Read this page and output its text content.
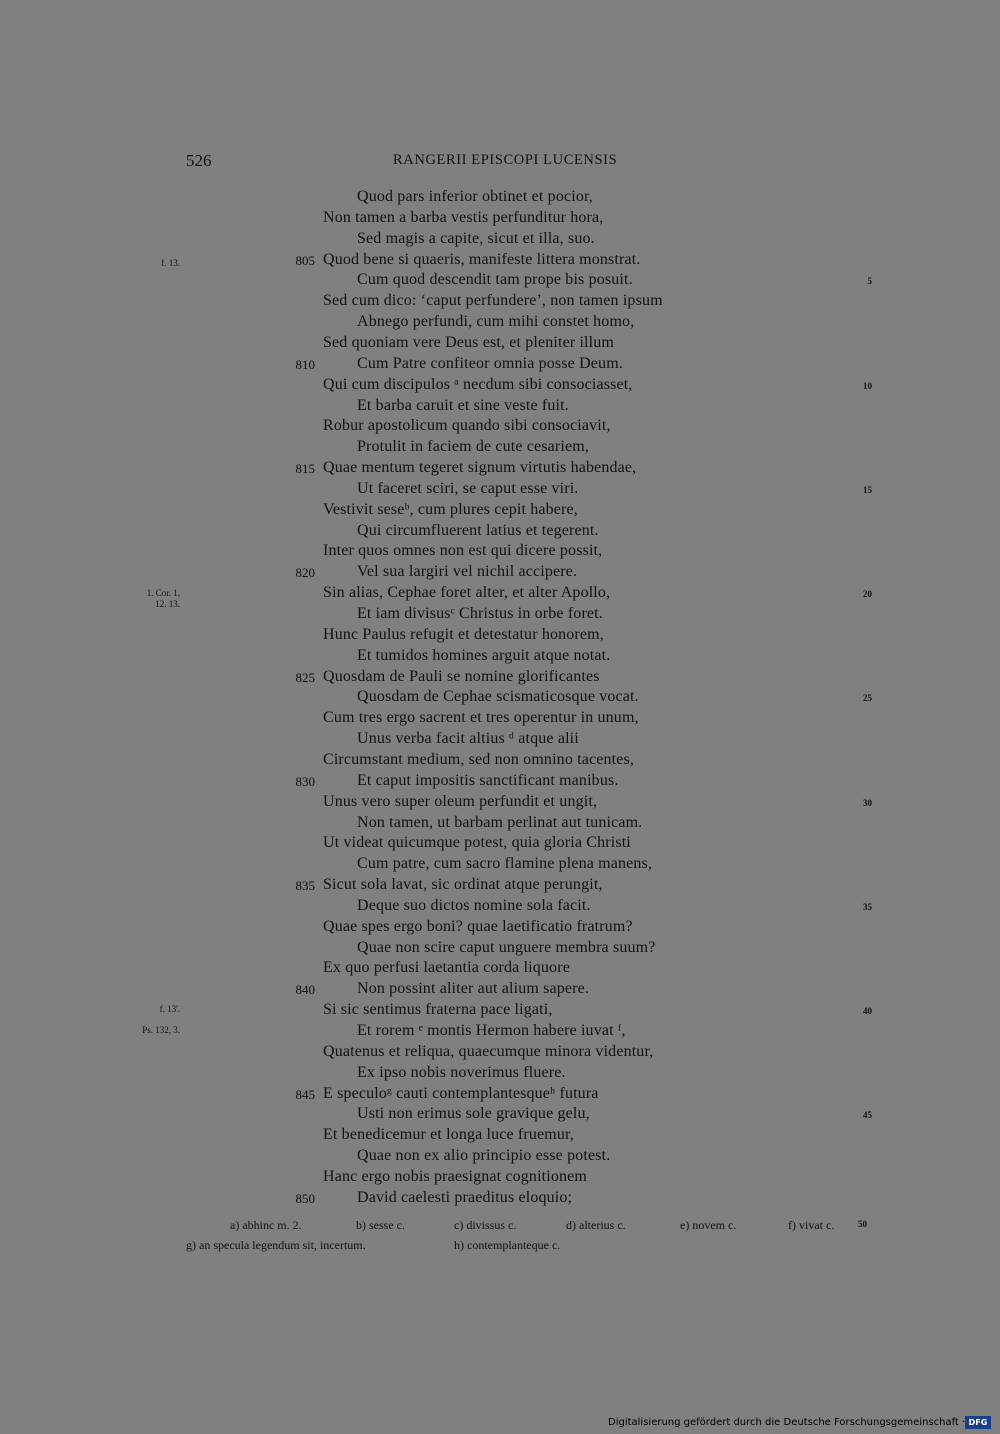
526	RANGERII EPISCOPI LUCENSIS
Quod pars inferior obtinet et pocior,
Non tamen a barba vestis perfunditur hora,
Sed magis a capite, sicut et illa, suo.
805 Quod bene si quaeris, manifeste littera monstrat.
Cum quod descendit tam prope bis posuit.	5
Sed cum dico: ‘caput perfundere’, non tamen ipsum
Abnego perfundi, cum mihi constet homo,
Sed quoniam vere Deus est, et pleniter illum
810	Cum Patre confiteor omnia posse Deum.
Qui cum discipulos ᵃ necdum sibi consociasset,	10
Et barba caruit et sine veste fuit.
Robur apostolicum quando sibi consociavit,
Protulit in faciem de cute cesariem,
815 Quae mentum tegeret signum virtutis habendae,
Ut faceret sciri, se caput esse viri.	15
Vestivit seseᵇ, cum plures cepit habere,
Qui circumfluerent latius et tegerent.
Inter quos omnes non est qui dicere possit,
820	Vel sua largiri vel nichil accipere.
Sin alias, Cephae foret alter, et alter Apollo,	20
Et iam divisusᶜ Christus in orbe foret.
Hunc Paulus refugit et detestatur honorem,
Et tumidos homines arguit atque notat.
825 Quosdam de Pauli se nomine glorificantes
Quosdam de Cephae scismaticosque vocat.	25
Cum tres ergo sacrent et tres operentur in unum,
Unus verba facit altius ᵈ atque alii
Circumstant medium, sed non omnino tacentes,
830	Et caput impositis sanctificant manibus.
Unus vero super oleum perfundit et ungit,	30
Non tamen, ut barbam perlinat aut tunicam.
Ut videat quicumque potest, quia gloria Christi
Cum patre, cum sacro flamine plena manens,
835 Sicut sola lavat, sic ordinat atque perungit,
Deque suo dictos nomine sola facit.	35
Quae spes ergo boni? quae laetificatio fratrum?
Quae non scire caput unguere membra suum?
Ex quo perfusi laetantia corda liquore
840	Non possint aliter aut alium sapere.
Si sic sentimus fraterna pace ligati,	40
Et rorem ᵉ montis Hermon habere iuvat ᶠ,
Quatenus et reliqua, quaecumque minora videntur,
Ex ipso nobis noverimus fluere.
845 E speculoᵍ cauti contemplantesqueʰ futura
Usti non erimus sole gravique gelu,	45
Et benedicemur et longa luce fruemur,
Quae non ex alio principio esse potest.
Hanc ergo nobis praesignat cognitionem
850	David caelesti praeditus eloquio;
f. 13.
1. Cor. 1,
12. 13.
f. 13'.
Ps. 132, 3.
a) abhinc m. 2.	b) sesse c.	c) divissus c.	d) alterius c.	e) novem c.	f) vivat c.	50
g) an specula legendum sit, incertum.	h) contemplanteque c.
Digitalisierung gefördert durch die Deutsche Forschungsgemeinschaft · DFG
